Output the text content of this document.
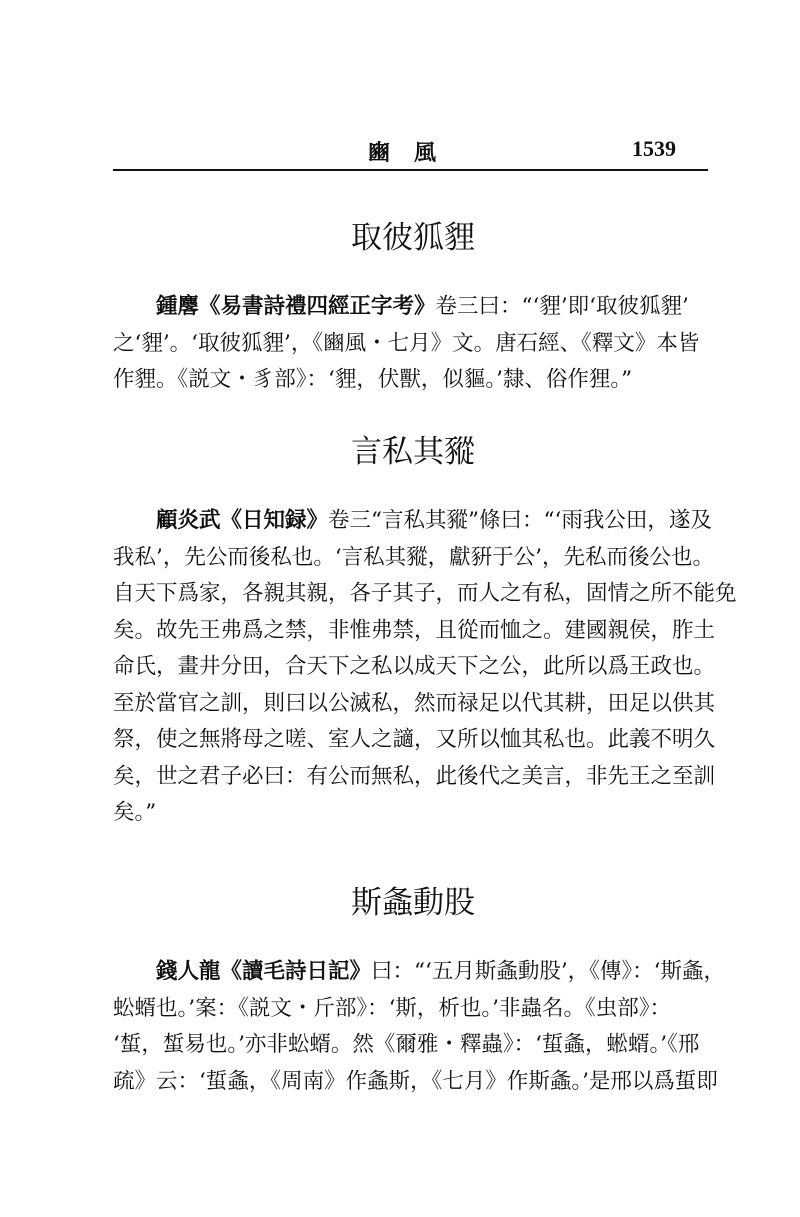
豳風	1539
取彼狐貍
鍾麐《易書詩禮四經正字考》卷三曰：“‘貍’即‘取彼狐貍’
之‘貍’。‘取彼狐貍’，《豳風・七月》文。唐石經、《釋文》本皆
作貍。《説文・豸部》：‘貍，伏獸，似貙。’隸、俗作狸。”
言私其豵
顧炎武《日知録》卷三“言私其豵”條曰：“‘雨我公田，遂及
我私’，先公而後私也。‘言私其豵，獻豣于公’，先私而後公也。
自天下爲家，各親其親，各子其子，而人之有私，固情之所不能免
矣。故先王弗爲之禁，非惟弗禁，且從而恤之。建國親侯，胙土
命氏，畫井分田，合天下之私以成天下之公，此所以爲王政也。
至於當官之訓，則曰以公滅私，然而禄足以代其耕，田足以供其
祭，使之無將母之嗟、室人之讁，又所以恤其私也。此義不明久
矣，世之君子必曰：有公而無私，此後代之美言，非先王之至訓
矣。”
斯螽動股
錢人龍《讀毛詩日記》曰：“‘五月斯螽動股’，《傳》：‘斯螽，
蚣蝑也。’案：《説文・斤部》：‘斯，析也。’非蟲名。《虫部》：
‘蜤，蜤易也。’亦非蚣蝑。然《爾雅・釋蟲》：‘蜇螽，蜙蝑。’《邢
疏》云：‘蜇螽，《周南》作螽斯，《七月》作斯螽。’是邢以爲蜇即
